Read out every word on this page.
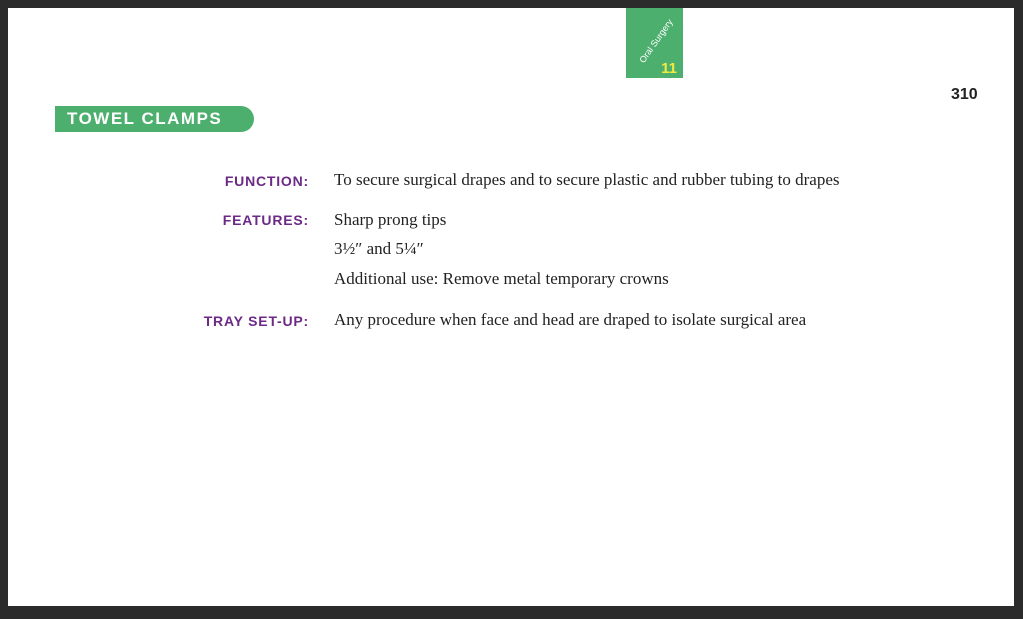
Oral Surgery
11
310
TOWEL CLAMPS
FUNCTION: To secure surgical drapes and to secure plastic and rubber tubing to drapes
FEATURES: Sharp prong tips
3½″ and 5¼″
Additional use: Remove metal temporary crowns
TRAY SET-UP: Any procedure when face and head are draped to isolate surgical area
